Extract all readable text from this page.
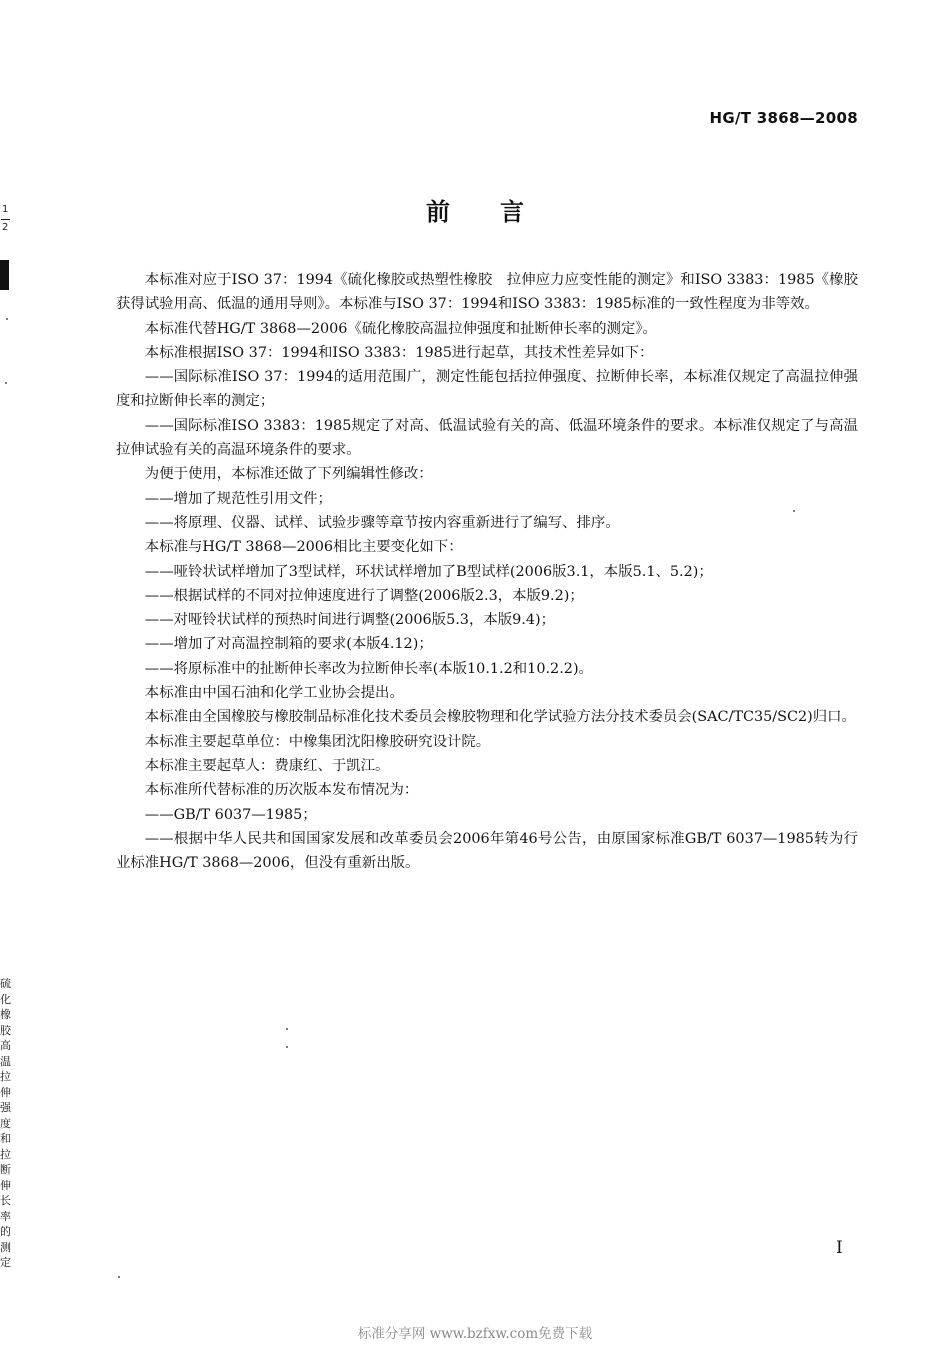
HG/T 3868—2008
前言

本标准对应于ISO 37：1994《硫化橡胶或热塑性橡胶　拉伸应力应变性能的测定》和ISO 3383：1985《橡胶　获得试验用高、低温的通用导则》。本标准与ISO 37：1994和ISO 3383：1985标准的一致性程度为非等效。

本标准代替HG/T 3868—2006《硫化橡胶高温拉伸强度和扯断伸长率的测定》。

本标准根据ISO 37：1994和ISO 3383：1985进行起草，其技术性差异如下：

——国际标准ISO 37：1994的适用范围广，测定性能包括拉伸强度、拉断伸长率，本标准仅规定了高温拉伸强度和拉断伸长率的测定；

——国际标准ISO 3383：1985规定了对高、低温试验有关的高、低温环境条件的要求。本标准仅规定了与高温拉伸试验有关的高温环境条件的要求。

为便于使用，本标准还做了下列编辑性修改：

——增加了规范性引用文件；

——将原理、仪器、试样、试验步骤等章节按内容重新进行了编写、排序。

本标准与HG/T 3868—2006相比主要变化如下：

——哑铃状试样增加了3型试样，环状试样增加了B型试样(2006版3.1，本版5.1、5.2)；

——根据试样的不同对拉伸速度进行了调整(2006版2.3，本版9.2)；

——对哑铃状试样的预热时间进行调整(2006版5.3，本版9.4)；

——增加了对高温控制箱的要求(本版4.12)；

——将原标准中的扯断伸长率改为拉断伸长率(本版10.1.2和10.2.2)。

本标准由中国石油和化学工业协会提出。

本标准由全国橡胶与橡胶制品标准化技术委员会橡胶物理和化学试验方法分技术委员会(SAC/TC35/SC2)归口。

本标准主要起草单位：中橡集团沈阳橡胶研究设计院。

本标准主要起草人：费康红、于凯江。

本标准所代替标准的历次版本发布情况为：

——GB/T 6037—1985；

——根据中华人民共和国国家发展和改革委员会2006年第46号公告，由原国家标准GB/T 6037—1985转为行业标准HG/T 3868—2006，但没有重新出版。

I
标准分享网 www.bzfxw.com免费下载
1
2
硫化橡胶高温拉伸强度和拉断伸长率的测定
